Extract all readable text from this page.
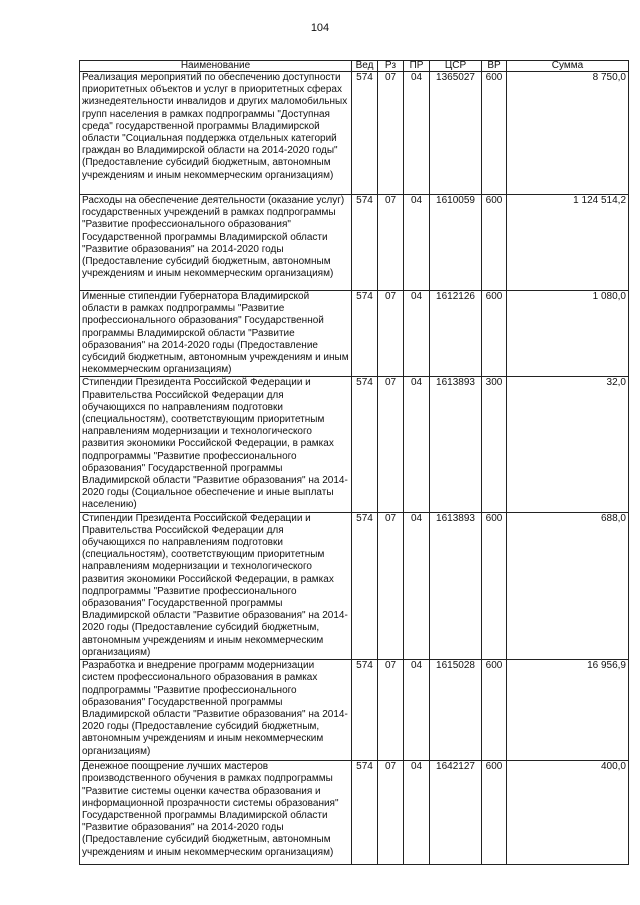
104
Наименование	Вед	Рз	ПР	ЦСР	ВР	Сумма
Реализация мероприятий по обеспечению доступности приоритетных объектов и услуг в приоритетных сферах жизнедеятельности инвалидов и других маломобильных групп населения в рамках подпрограммы "Доступная среда" государственной программы Владимирской области "Социальная поддержка отдельных категорий граждан во Владимирской области на 2014-2020 годы" (Предоставление субсидий бюджетным, автономным учреждениям и иным некоммерческим организациям)	574	07	04	1365027	600	8 750,0
Расходы на обеспечение деятельности (оказание услуг) государственных учреждений в рамках подпрограммы "Развитие профессионального образования" Государственной программы Владимирской области "Развитие образования" на 2014-2020 годы (Предоставление субсидий бюджетным, автономным учреждениям и иным некоммерческим организациям)	574	07	04	1610059	600	1 124 514,2
Именные стипендии Губернатора Владимирской области в рамках подпрограммы "Развитие профессионального образования" Государственной программы Владимирской области "Развитие образования" на 2014-2020 годы (Предоставление субсидий бюджетным, автономным учреждениям и иным некоммерческим организациям)	574	07	04	1612126	600	1 080,0
Стипендии Президента Российской Федерации и Правительства Российской Федерации для обучающихся по направлениям подготовки (специальностям), соответствующим приоритетным направлениям модернизации и технологического развития экономики Российской Федерации, в рамках подпрограммы "Развитие профессионального образования" Государственной программы Владимирской области "Развитие образования" на 2014-2020 годы (Социальное обеспечение и иные выплаты населению)	574	07	04	1613893	300	32,0
Стипендии Президента Российской Федерации и Правительства Российской Федерации для обучающихся по направлениям подготовки (специальностям), соответствующим приоритетным направлениям модернизации и технологического развития экономики Российской Федерации, в рамках подпрограммы "Развитие профессионального образования" Государственной программы Владимирской области "Развитие образования" на 2014-2020 годы (Предоставление субсидий бюджетным, автономным учреждениям и иным некоммерческим организациям)	574	07	04	1613893	600	688,0
Разработка и внедрение программ модернизации систем профессионального образования в рамках подпрограммы "Развитие профессионального образования" Государственной программы Владимирской области "Развитие образования" на 2014-2020 годы (Предоставление субсидий бюджетным, автономным учреждениям и иным некоммерческим организациям)	574	07	04	1615028	600	16 956,9
Денежное поощрение лучших мастеров производственного обучения в рамках подпрограммы "Развитие системы оценки качества образования и информационной прозрачности системы образования" Государственной программы Владимирской области "Развитие образования" на 2014-2020 годы (Предоставление субсидий бюджетным, автономным учреждениям и иным некоммерческим организациям)	574	07	04	1642127	600	400,0
